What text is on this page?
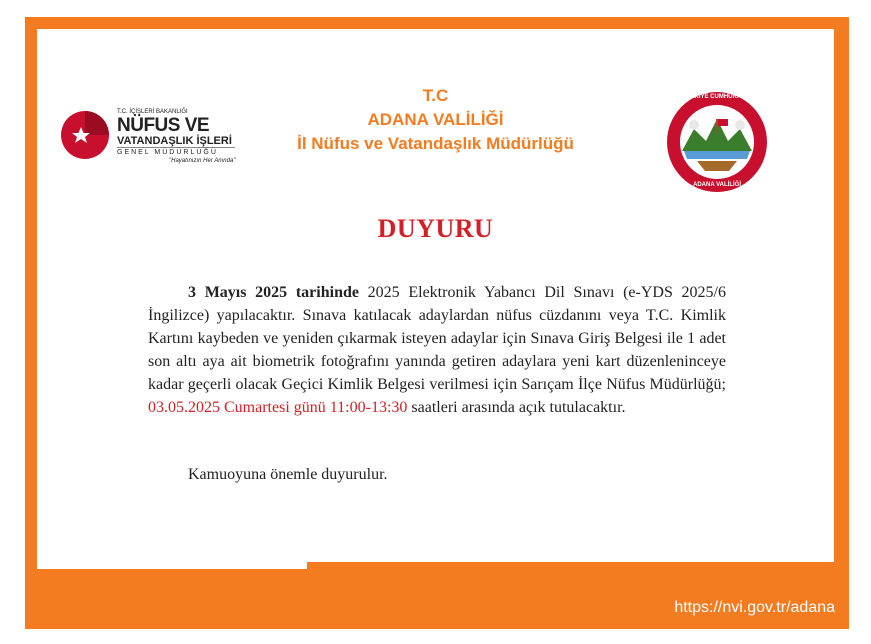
T.C. İÇİŞLERİ BAKANLIĞI
NÜFUS VE
VATANDAŞLIK İŞLERİ
GENEL MÜDÜRLÜĞÜ
"Hayatınızın Her Anında"
T.C
ADANA VALİLİĞİ
İl Nüfus ve Vatandaşlık Müdürlüğü
TÜRKİYE CUMHURİYETİ
ADANA VALİLİĞİ
DUYURU

3 Mayıs 2025 tarihinde 2025 Elektronik Yabancı Dil Sınavı (e-YDS 2025/6 İngilizce) yapılacaktır. Sınava katılacak adaylardan nüfus cüzdanını veya T.C. Kimlik Kartını kaybeden ve yeniden çıkarmak isteyen adaylar için Sınava Giriş Belgesi ile 1 adet son altı aya ait biometrik fotoğrafını yanında getiren adaylara yeni kart düzenleninceye kadar geçerli olacak Geçici Kimlik Belgesi verilmesi için Sarıçam İlçe Nüfus Müdürlüğü; 03.05.2025 Cumartesi günü 11:00-13:30 saatleri arasında açık tutulacaktır.

Kamuoyuna önemle duyurulur.
https://nvi.gov.tr/adana
